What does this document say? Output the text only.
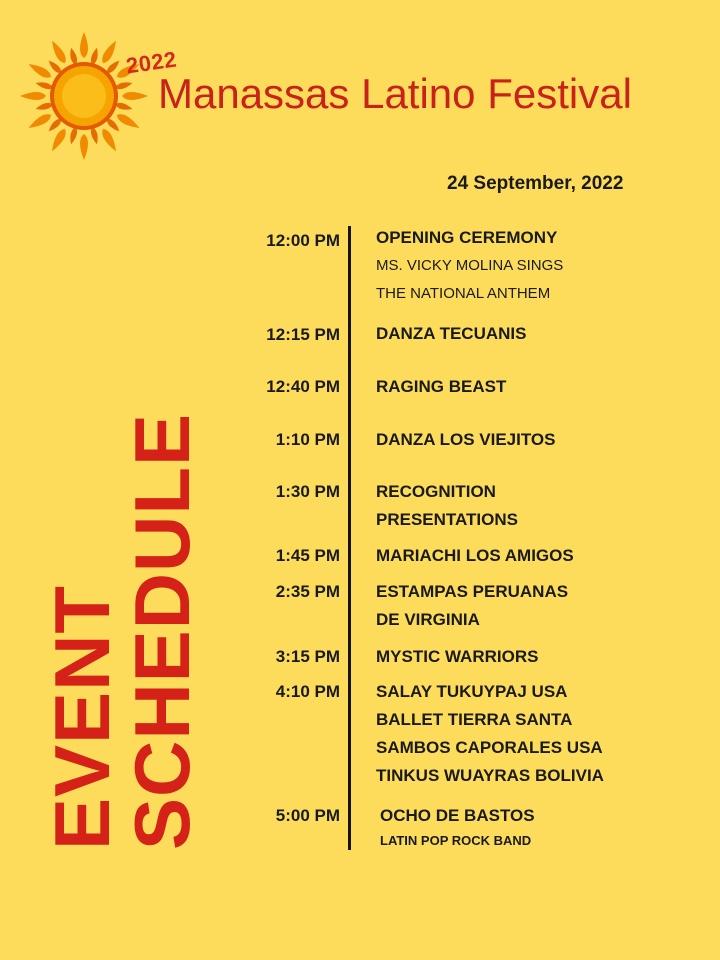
2022
Manassas Latino Festival
24 September, 2022
EVENT
SCHEDULE
12:00 PM OPENING CEREMONY
MS. VICKY MOLINA SINGS
THE NATIONAL ANTHEM
12:15 PM DANZA TECUANIS
12:40 PM RAGING BEAST
1:10 PM DANZA LOS VIEJITOS
1:30 PM RECOGNITION
PRESENTATIONS
1:45 PM MARIACHI LOS AMIGOS
2:35 PM ESTAMPAS PERUANAS
DE VIRGINIA
3:15 PM MYSTIC WARRIORS
4:10 PM SALAY TUKUYPAJ USA
BALLET TIERRA SANTA
SAMBOS CAPORALES USA
TINKUS WUAYRAS BOLIVIA
5:00 PM OCHO DE BASTOS
LATIN POP ROCK BAND
